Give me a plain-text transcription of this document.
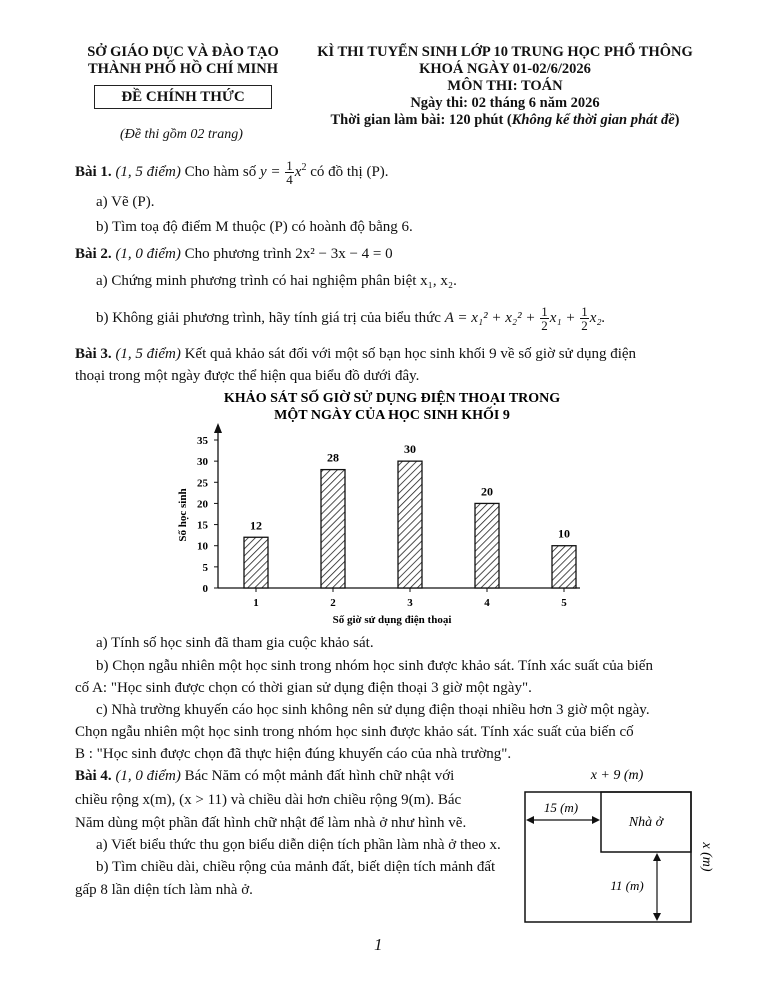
SỞ GIÁO DỤC VÀ ĐÀO TẠO
THÀNH PHỐ HỒ CHÍ MINH
ĐỀ CHÍNH THỨC
(Đề thi gồm 02 trang)
KÌ THI TUYỂN SINH LỚP 10 TRUNG HỌC PHỔ THÔNG
KHOÁ NGÀY 01-02/6/2026
MÔN THI: TOÁN
Ngày thi: 02 tháng 6 năm 2026
Thời gian làm bài: 120 phút (Không kể thời gian phát đề)
Bài 1. (1, 5 điểm) Cho hàm số $y = \frac{1}{4} x^2$ có đồ thị (P).
a) Vẽ (P).
b) Tìm toạ độ điểm M thuộc (P) có hoành độ bằng 6.
Bài 2. (1, 0 điểm) Cho phương trình 2x² − 3x − 4 = 0
a) Chứng minh phương trình có hai nghiệm phân biệt x₁, x₂.
b) Không giải phương trình, hãy tính giá trị của biểu thức $A = x_1^2 + x_2^2 + \frac{1}{2} x_1 + \frac{1}{2} x_2$.
Bài 3. (1, 5 điểm) Kết quả khảo sát đối với một số bạn học sinh khối 9 về số giờ sử dụng điện
thoại trong một ngày được thể hiện qua biểu đồ dưới đây.
KHẢO SÁT SỐ GIỜ SỬ DỤNG ĐIỆN THOẠI TRONG
MỘT NGÀY CỦA HỌC SINH KHỐI 9
Số học sinh
Số giờ sử dụng điện thoại
0
5
10
15
20
25
30
35
12
1
28
2
30
3
20
4
10
5
a) Tính số học sinh đã tham gia cuộc khảo sát.
b) Chọn ngẫu nhiên một học sinh trong nhóm học sinh được khảo sát. Tính xác suất của biến
cố A: "Học sinh được chọn có thời gian sử dụng điện thoại 3 giờ một ngày".
c) Nhà trường khuyến cáo học sinh không nên sử dụng điện thoại nhiều hơn 3 giờ một ngày.
Chọn ngẫu nhiên một học sinh trong nhóm học sinh được khảo sát. Tính xác suất của biến cố
B : "Học sinh được chọn đã thực hiện đúng khuyến cáo của nhà trường".
Bài 4. (1, 0 điểm) Bác Năm có một mảnh đất hình chữ nhật với
chiều rộng x(m), (x > 11) và chiều dài hơn chiều rộng 9(m). Bác
Năm dùng một phần đất hình chữ nhật để làm nhà ở như hình vẽ.
a) Viết biểu thức thu gọn biểu diễn diện tích phần làm nhà ở theo x.
b) Tìm chiều dài, chiều rộng của mảnh đất, biết diện tích mảnh đất
gấp 8 lần diện tích làm nhà ở.
x + 9 (m)
Nhà ở
15 (m)
11 (m)
x (m)
1
